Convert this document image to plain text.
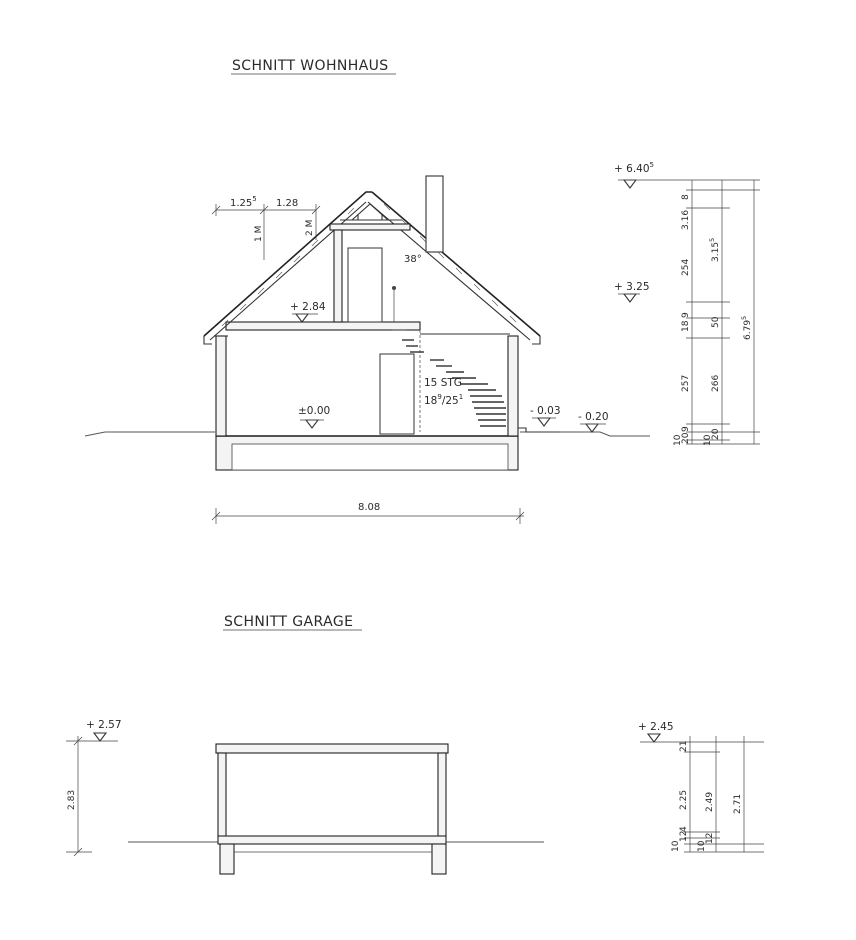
SCHNITT WOHNHAUS
15 STG
$18^9/25^1$
1.25$^5$ 1.28
1 M	2 M
38°
+ 2.84
±0.00	- 0.03 - 0.20
8.08
+ $6.40^5$
+ 3.25
3.16
8
254
18
9
257
9
20
10
3.15$^5$
50
266
20
10
6.79$^5$
SCHNITT GARAGE
+ 2.57
2.83
+ 2.45
21
2.25 2.49 2.71
10
12
4
12
10
